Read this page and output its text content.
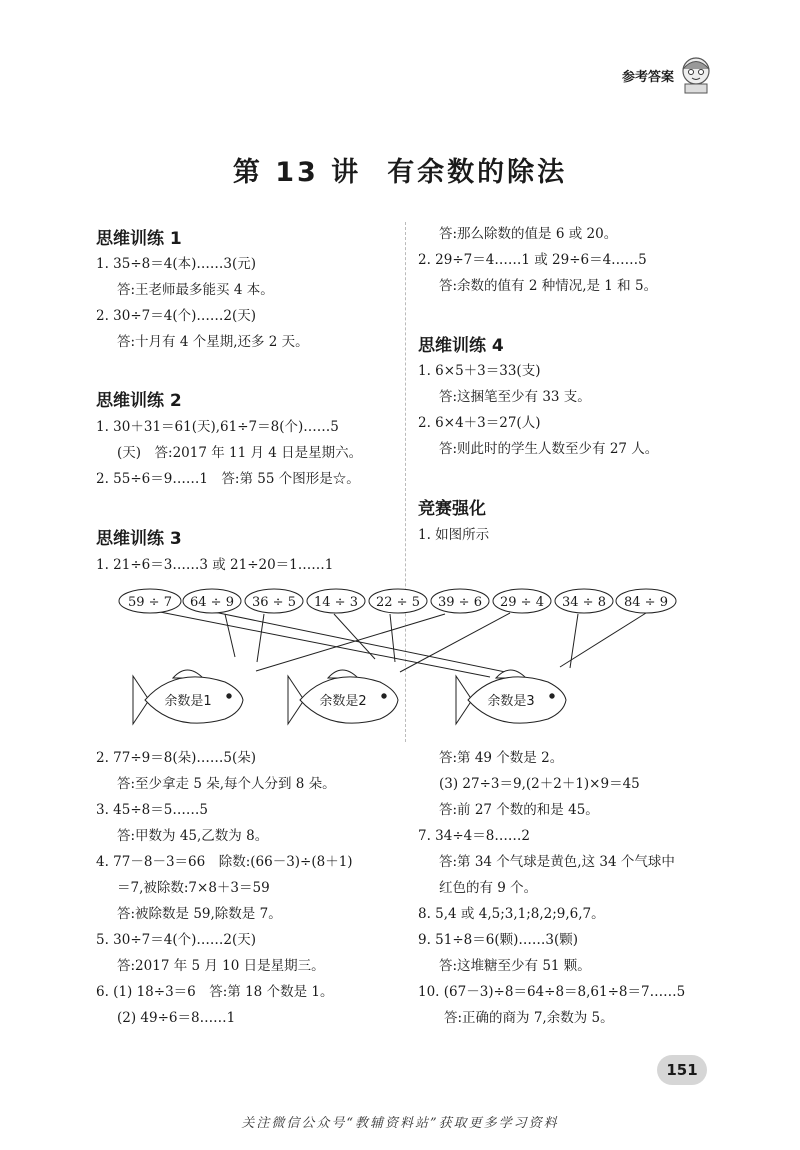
参考答案
第 13 讲 有余数的除法
思维训练 1
1. 35÷8＝4(本)……3(元)
答:王老师最多能买 4 本。
2. 30÷7＝4(个)……2(天)
答:十月有 4 个星期,还多 2 天。
思维训练 2
1. 30＋31＝61(天),61÷7＝8(个)……5
(天)　答:2017 年 11 月 4 日是星期六。
2. 55÷6＝9……1　答:第 55 个图形是☆。
思维训练 3
1. 21÷6＝3……3 或 21÷20＝1……1
答:那么除数的值是 6 或 20。
2. 29÷7＝4……1 或 29÷6＝4……5
答:余数的值有 2 种情况,是 1 和 5。
思维训练 4
1. 6×5＋3＝33(支)
答:这捆笔至少有 33 支。
2. 6×4＋3＝27(人)
答:则此时的学生人数至少有 27 人。
竞赛强化
1. 如图所示
59 ÷ 7 64 ÷ 9 36 ÷ 5 14 ÷ 3 22 ÷ 5 39 ÷ 6 29 ÷ 4 34 ÷ 8 84 ÷ 9
余数是1	余数是2	余数是3
2. 77÷9＝8(朵)……5(朵)
答:至少拿走 5 朵,每个人分到 8 朵。
3. 45÷8＝5……5
答:甲数为 45,乙数为 8。
4. 77－8－3＝66　除数:(66－3)÷(8＋1)
＝7,被除数:7×8＋3＝59
答:被除数是 59,除数是 7。
5. 30÷7＝4(个)……2(天)
答:2017 年 5 月 10 日是星期三。
6. (1) 18÷3＝6　答:第 18 个数是 1。
(2) 49÷6＝8……1
答:第 49 个数是 2。
(3) 27÷3＝9,(2＋2＋1)×9＝45
答:前 27 个数的和是 45。
7. 34÷4＝8……2
答:第 34 个气球是黄色,这 34 个气球中
红色的有 9 个。
8. 5,4 或 4,5;3,1;8,2;9,6,7。
9. 51÷8＝6(颗)……3(颗)
答:这堆糖至少有 51 颗。
10. (67－3)÷8＝64÷8＝8,61÷8＝7……5
答:正确的商为 7,余数为 5。
151
关注微信公众号“教辅资料站”获取更多学习资料
